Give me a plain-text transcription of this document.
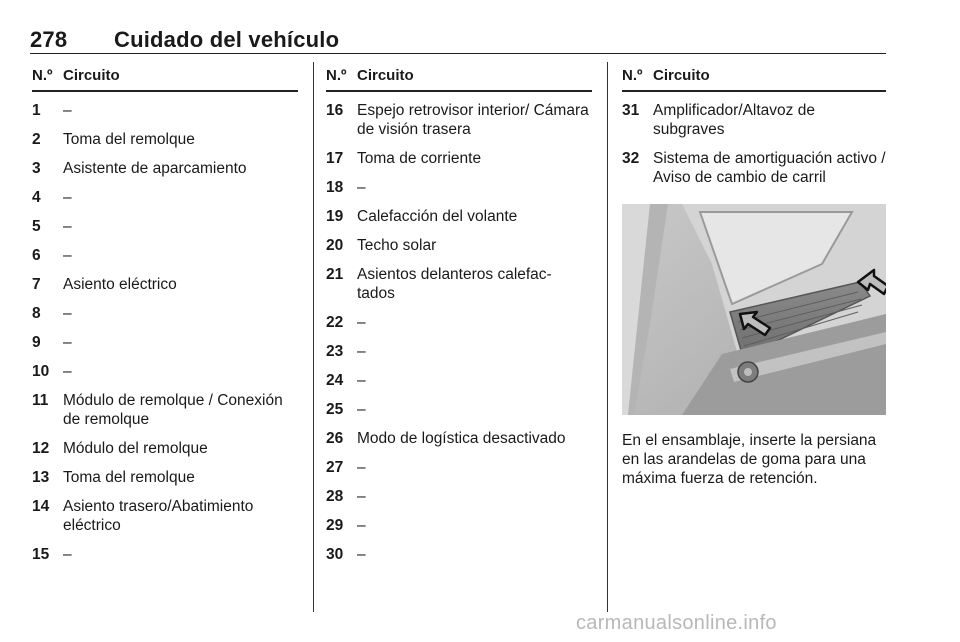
278 Cuidado del vehículo
N.º Circuito
1	–
2	Toma del remolque
3	Asistente de aparcamiento
4	–
5	–
6	–
7	Asiento eléctrico
8	–
9	–
10 –
11 Módulo de remolque / Conexión de remolque
12 Módulo del remolque
13 Toma del remolque
14 Asiento trasero/Abatimiento eléctrico
15 –
N.º Circuito
16 Espejo retrovisor interior/ Cámara de visión trasera
17 Toma de corriente
18 –
19 Calefacción del volante
20 Techo solar
21 Asientos delanteros calefac- tados
22 –
23 –
24 –
25 –
26 Modo de logística desactivado
27 –
28 –
29 –
30 –
N.º Circuito
31 Amplificador/Altavoz de subgraves
32 Sistema de amortiguación activo / Aviso de cambio de carril
En el ensamblaje, inserte la persiana en las arandelas de goma para una máxima fuerza de retención.
carmanualsonline.info
